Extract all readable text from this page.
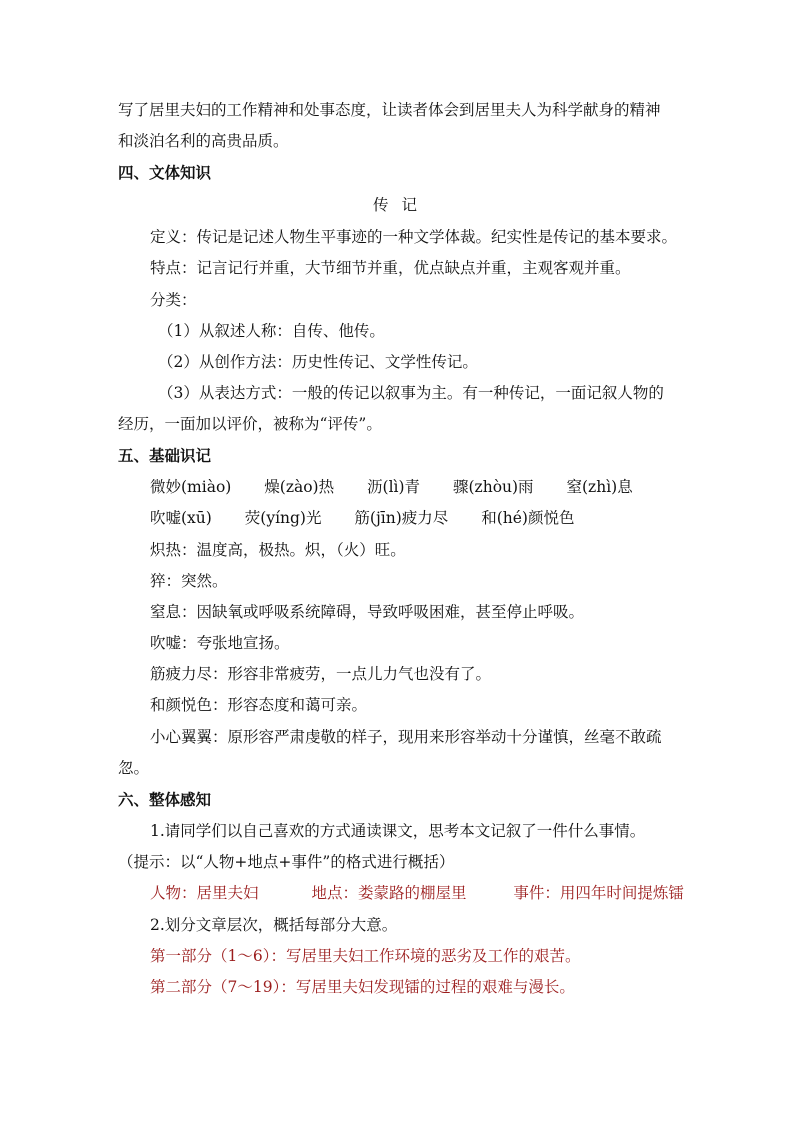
写了居里夫妇的工作精神和处事态度，让读者体会到居里夫人为科学献身的精神
和淡泊名利的高贵品质。
四、文体知识
传 记
定义：传记是记述人物生平事迹的一种文学体裁。纪实性是传记的基本要求。
特点：记言记行并重，大节细节并重，优点缺点并重，主观客观并重。
分类：
（1）从叙述人称：自传、他传。
（2）从创作方法：历史性传记、文学性传记。
（3）从表达方式：一般的传记以叙事为主。有一种传记，一面记叙人物的
经历，一面加以评价，被称为“评传”。
五、基础识记
微妙(miào) 燥(zào)热 沥(lì)青 骤(zhòu)雨 窒(zhì)息
吹嘘(xū) 荧(yíng)光 筋(jīn)疲力尽 和(hé)颜悦色
炽热：温度高，极热。炽，（火）旺。
猝：突然。
窒息：因缺氧或呼吸系统障碍，导致呼吸困难，甚至停止呼吸。
吹嘘：夸张地宣扬。
筋疲力尽：形容非常疲劳，一点儿力气也没有了。
和颜悦色：形容态度和蔼可亲。
小心翼翼：原形容严肃虔敬的样子，现用来形容举动十分谨慎，丝毫不敢疏
忽。
六、整体感知
1.请同学们以自己喜欢的方式通读课文，思考本文记叙了一件什么事情。
（提示：以“人物+地点+事件”的格式进行概括）
人物：居里夫妇	地点：娄蒙路的棚屋里	事件：用四年时间提炼镭
2.划分文章层次，概括每部分大意。
第一部分（1～6）：写居里夫妇工作环境的恶劣及工作的艰苦。
第二部分（7～19）：写居里夫妇发现镭的过程的艰难与漫长。
